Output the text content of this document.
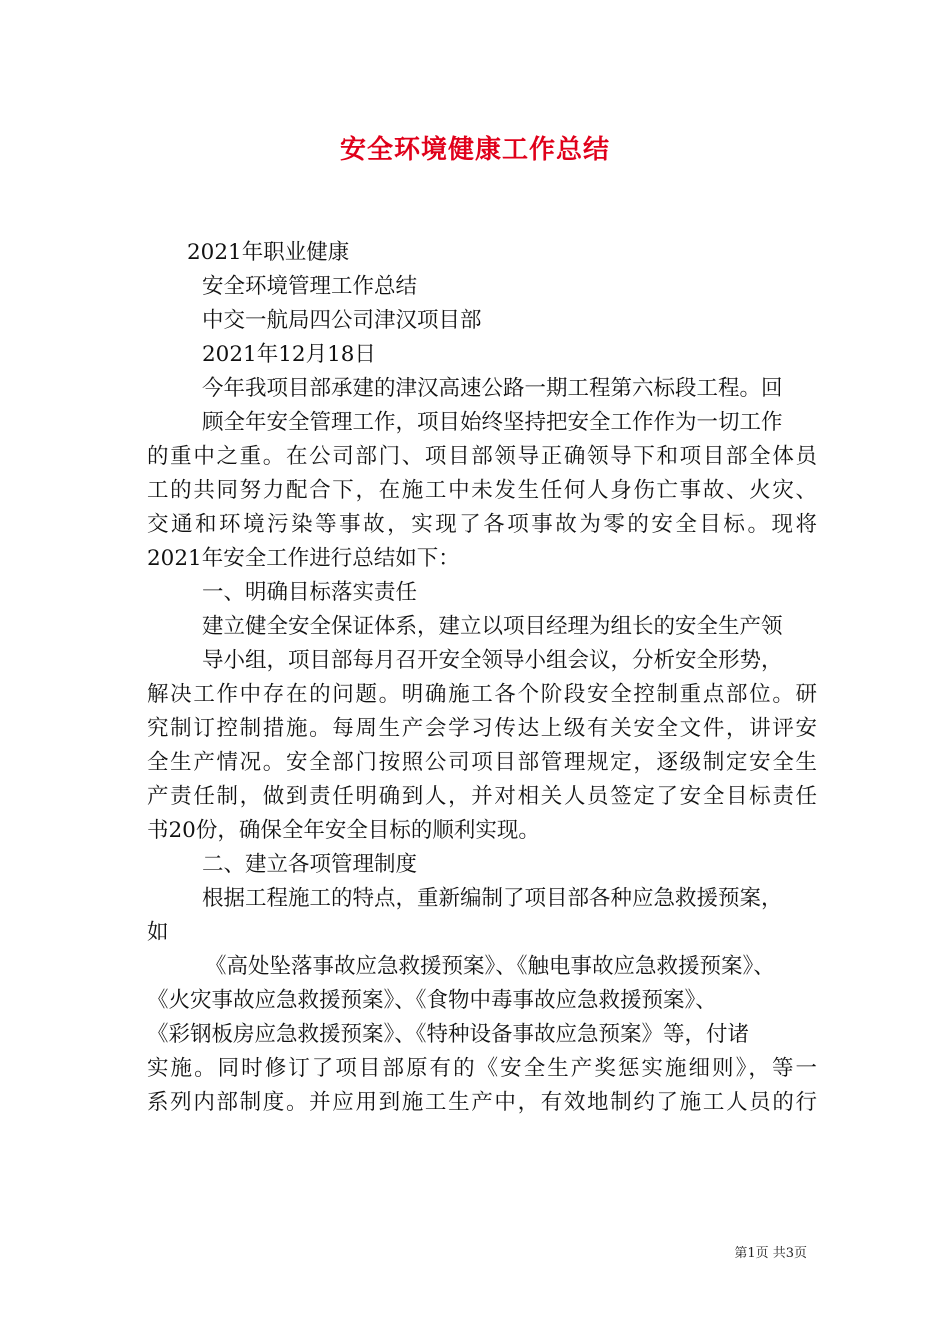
安全环境健康工作总结
2021年职业健康
安全环境管理工作总结
中交一航局四公司津汉项目部
2021年12月18日
今年我项目部承建的津汉高速公路一期工程第六标段工程。回
顾全年安全管理工作，项目始终坚持把安全工作作为一切工作
的重中之重。在公司部门、项目部领导正确领导下和项目部全体员
工的共同努力配合下，在施工中未发生任何人身伤亡事故、火灾、
交通和环境污染等事故，实现了各项事故为零的安全目标。现将
2021年安全工作进行总结如下：
一、明确目标落实责任
建立健全安全保证体系，建立以项目经理为组长的安全生产领
导小组，项目部每月召开安全领导小组会议，分析安全形势，
解决工作中存在的问题。明确施工各个阶段安全控制重点部位。研
究制订控制措施。每周生产会学习传达上级有关安全文件，讲评安
全生产情况。安全部门按照公司项目部管理规定，逐级制定安全生
产责任制，做到责任明确到人，并对相关人员签定了安全目标责任
书20份，确保全年安全目标的顺利实现。
二、建立各项管理制度
根据工程施工的特点，重新编制了项目部各种应急救援预案，
如
《高处坠落事故应急救援预案》、《触电事故应急救援预案》、
《火灾事故应急救援预案》、《食物中毒事故应急救援预案》、
《彩钢板房应急救援预案》、《特种设备事故应急预案》等，付诸
实施。同时修订了项目部原有的《安全生产奖惩实施细则》，等一
系列内部制度。并应用到施工生产中，有效地制约了施工人员的行
第1页 共3页
